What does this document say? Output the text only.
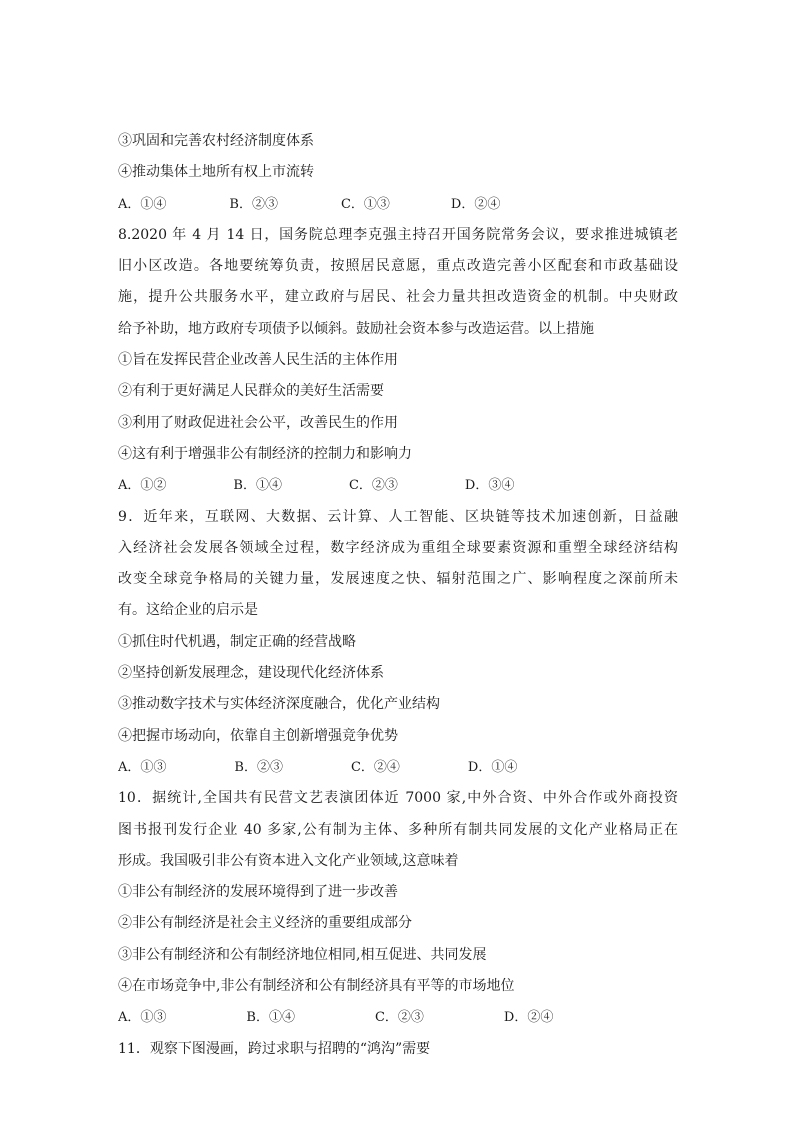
③巩固和完善农村经济制度体系
④推动集体土地所有权上市流转
A．①④	B．②③	C．①③	D．②④
8.2020 年 4 月 14 日，国务院总理李克强主持召开国务院常务会议，要求推进城镇老
旧小区改造。各地要统筹负责，按照居民意愿，重点改造完善小区配套和市政基础设
施，提升公共服务水平，建立政府与居民、社会力量共担改造资金的机制。中央财政
给予补助，地方政府专项债予以倾斜。鼓励社会资本参与改造运营。以上措施
①旨在发挥民营企业改善人民生活的主体作用
②有利于更好满足人民群众的美好生活需要
③利用了财政促进社会公平，改善民生的作用
④这有利于增强非公有制经济的控制力和影响力
A．①②	B．①④	C．②③	D．③④
9．近年来，互联网、大数据、云计算、人工智能、区块链等技术加速创新，日益融
入经济社会发展各领域全过程，数字经济成为重组全球要素资源和重塑全球经济结构
改变全球竞争格局的关键力量，发展速度之快、辐射范围之广、影响程度之深前所未
有。这给企业的启示是
①抓住时代机遇，制定正确的经营战略
②坚持创新发展理念，建设现代化经济体系
③推动数字技术与实体经济深度融合，优化产业结构
④把握市场动向，依靠自主创新增强竞争优势
A．①③	B．②③	C．②④	D．①④
10．据统计,全国共有民营文艺表演团体近 7000 家,中外合资、中外合作或外商投资
图书报刊发行企业 40 多家,公有制为主体、多种所有制共同发展的文化产业格局正在
形成。我国吸引非公有资本进入文化产业领域,这意味着
①非公有制经济的发展环境得到了进一步改善
②非公有制经济是社会主义经济的重要组成部分
③非公有制经济和公有制经济地位相同,相互促进、共同发展
④在市场竞争中,非公有制经济和公有制经济具有平等的市场地位
A．①③	B．①④	C．②③	D．②④
11．观察下图漫画，跨过求职与招聘的“鸿沟”需要
